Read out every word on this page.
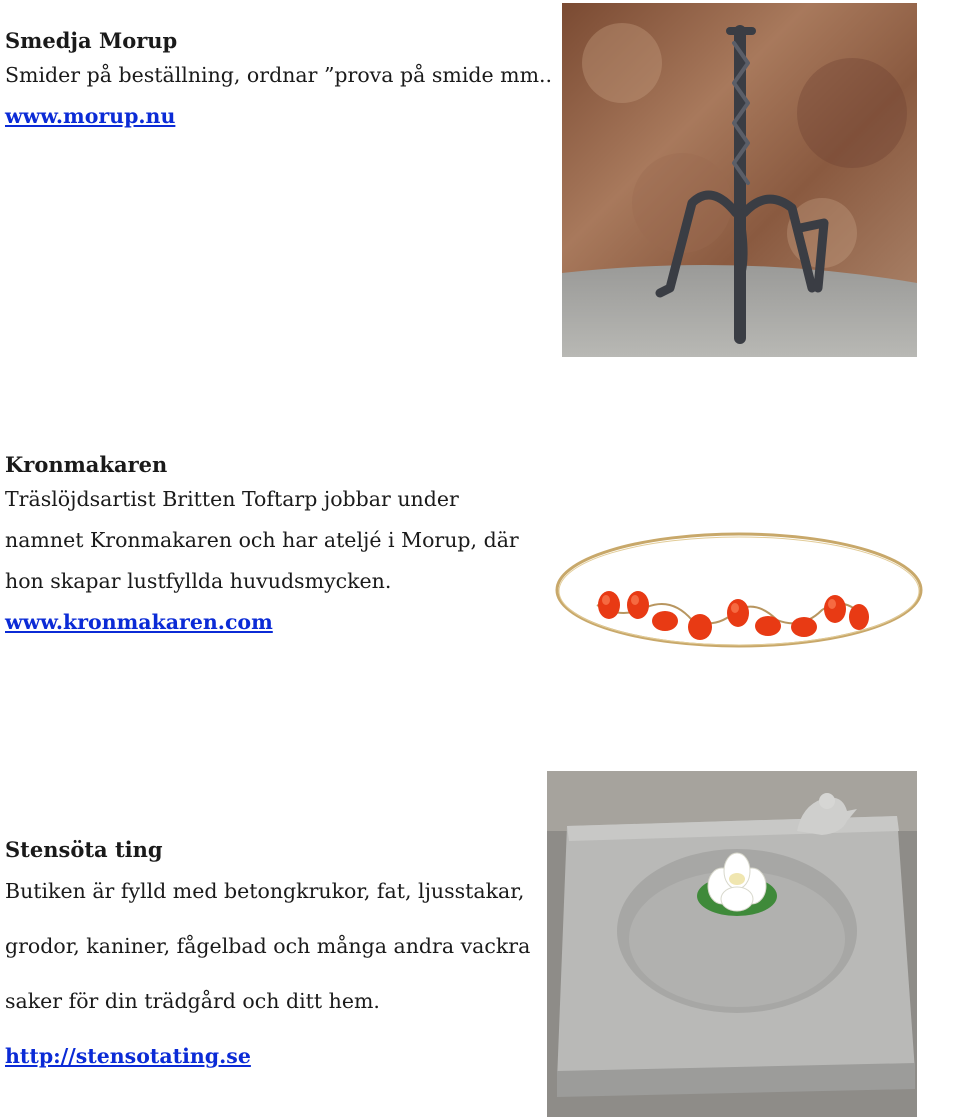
Smedja Morup

Smider på beställning, ordnar ”prova på smide mm..

www.morup.nu

Kronmakaren

Träslöjdsartist Britten Toftarp jobbar under

namnet Kronmakaren och har ateljé i Morup, där

hon skapar lustfyllda huvudsmycken.

www.kronmakaren.com

Stensöta ting

Butiken är fylld med betongkrukor, fat, ljusstakar,

grodor, kaniner, fågelbad och många andra vackra

saker för din trädgård och ditt hem.

http://stensotating.se
